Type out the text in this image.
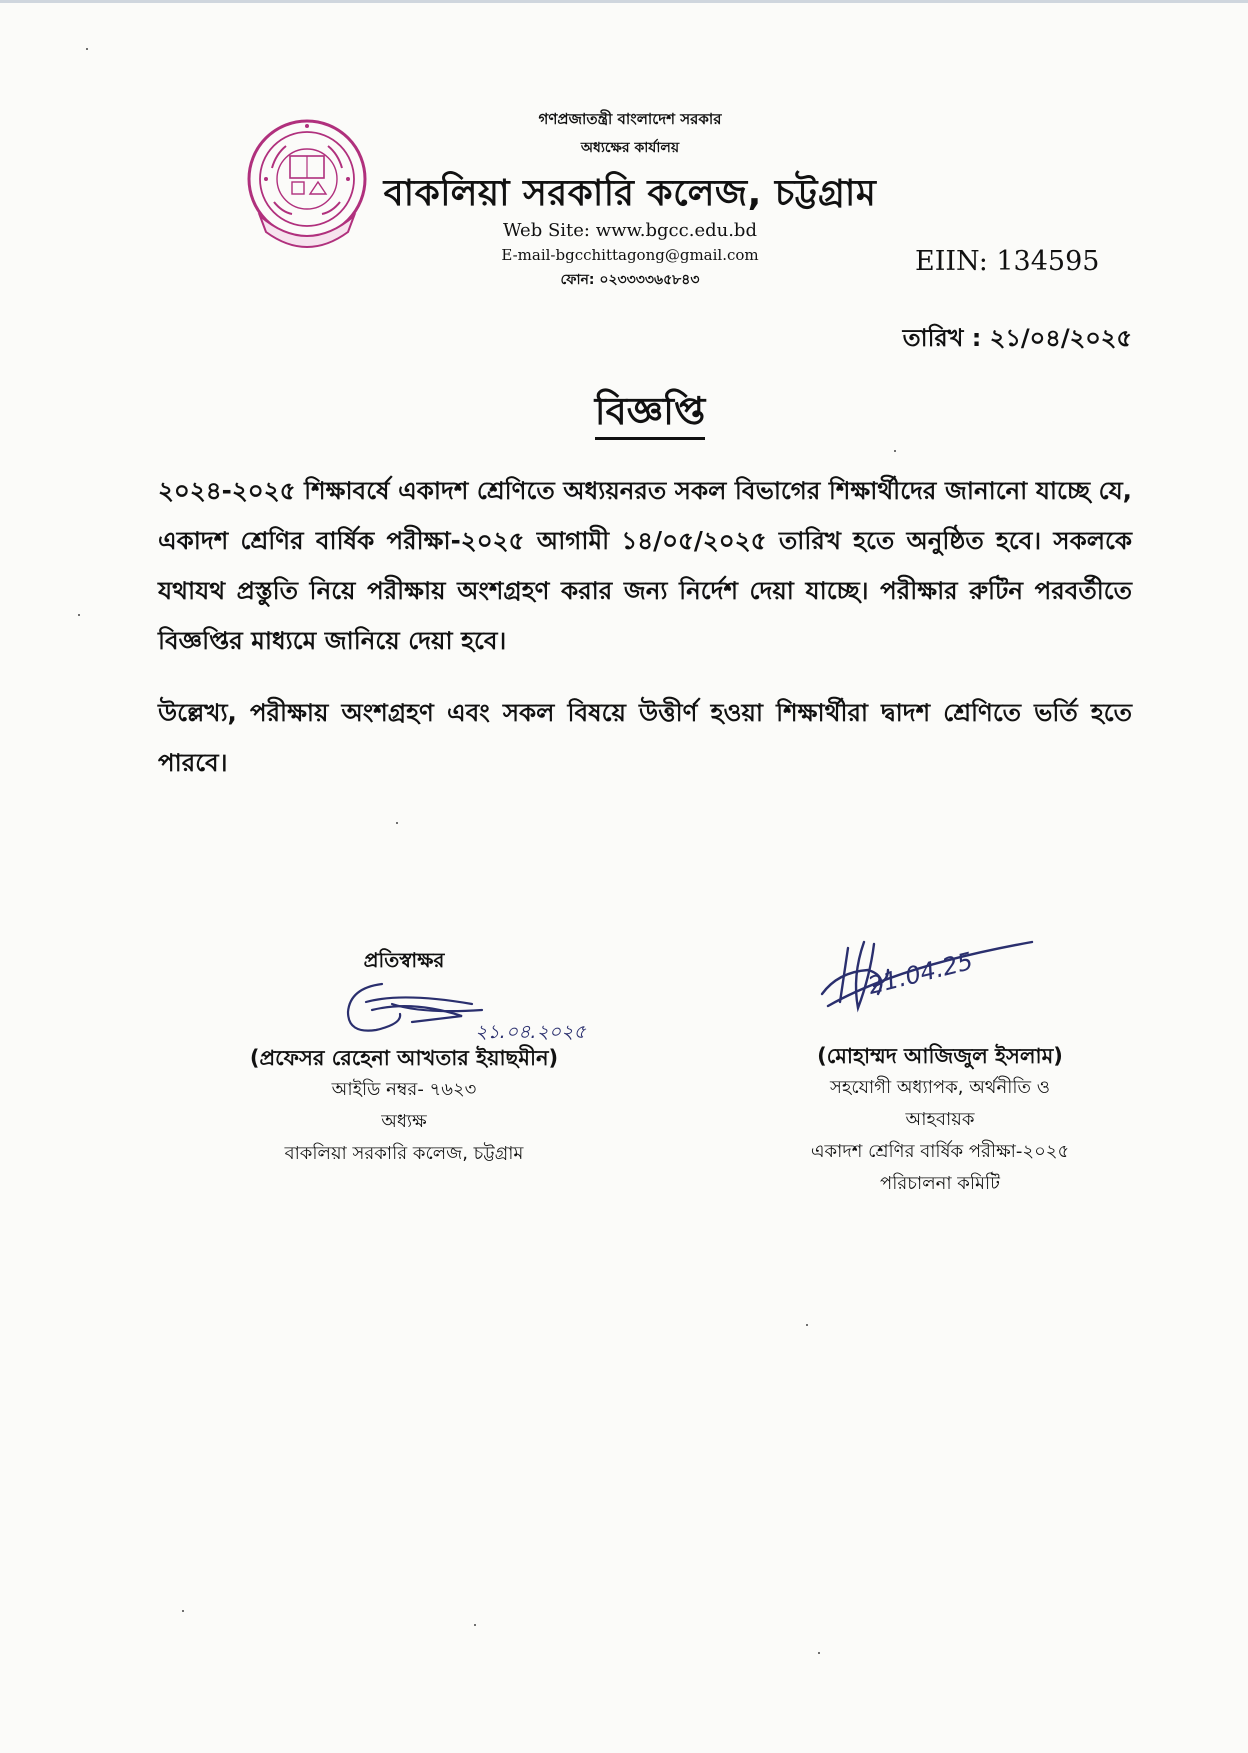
গণপ্রজাতন্ত্রী বাংলাদেশ সরকার
অধ্যক্ষের কার্যালয়
বাকলিয়া সরকারি কলেজ, চট্টগ্রাম
Web Site: www.bgcc.edu.bd
E-mail-bgcchittagong@gmail.com
ফোন: ০২৩৩৩৩৬৫৮৪৩
EIIN: 134595
তারিখ : ২১/০৪/২০২৫
বিজ্ঞপ্তি
২০২৪-২০২৫ শিক্ষাবর্ষে একাদশ শ্রেণিতে অধ্যয়নরত সকল বিভাগের শিক্ষার্থীদের জানানো যাচ্ছে যে, একাদশ শ্রেণির বার্ষিক পরীক্ষা-২০২৫ আগামী ১৪/০৫/২০২৫ তারিখ হতে অনুষ্ঠিত হবে। সকলকে যথাযথ প্রস্তুতি নিয়ে পরীক্ষায় অংশগ্রহণ করার জন্য নির্দেশ দেয়া যাচ্ছে। পরীক্ষার রুটিন পরবর্তীতে বিজ্ঞপ্তির মাধ্যমে জানিয়ে দেয়া হবে।
উল্লেখ্য, পরীক্ষায় অংশগ্রহণ এবং সকল বিষয়ে উত্তীর্ণ হওয়া শিক্ষার্থীরা দ্বাদশ শ্রেণিতে ভর্তি হতে পারবে।
প্রতিস্বাক্ষর
২১.০৪.২০২৫
(প্রফেসর রেহেনা আখতার ইয়াছমীন)
আইডি নম্বর- ৭৬২৩
অধ্যক্ষ
বাকলিয়া সরকারি কলেজ, চট্টগ্রাম
21.04.25
(মোহাম্মদ আজিজুল ইসলাম)
সহযোগী অধ্যাপক, অর্থনীতি ও
আহবায়ক
একাদশ শ্রেণির বার্ষিক পরীক্ষা-২০২৫
পরিচালনা কমিটি
